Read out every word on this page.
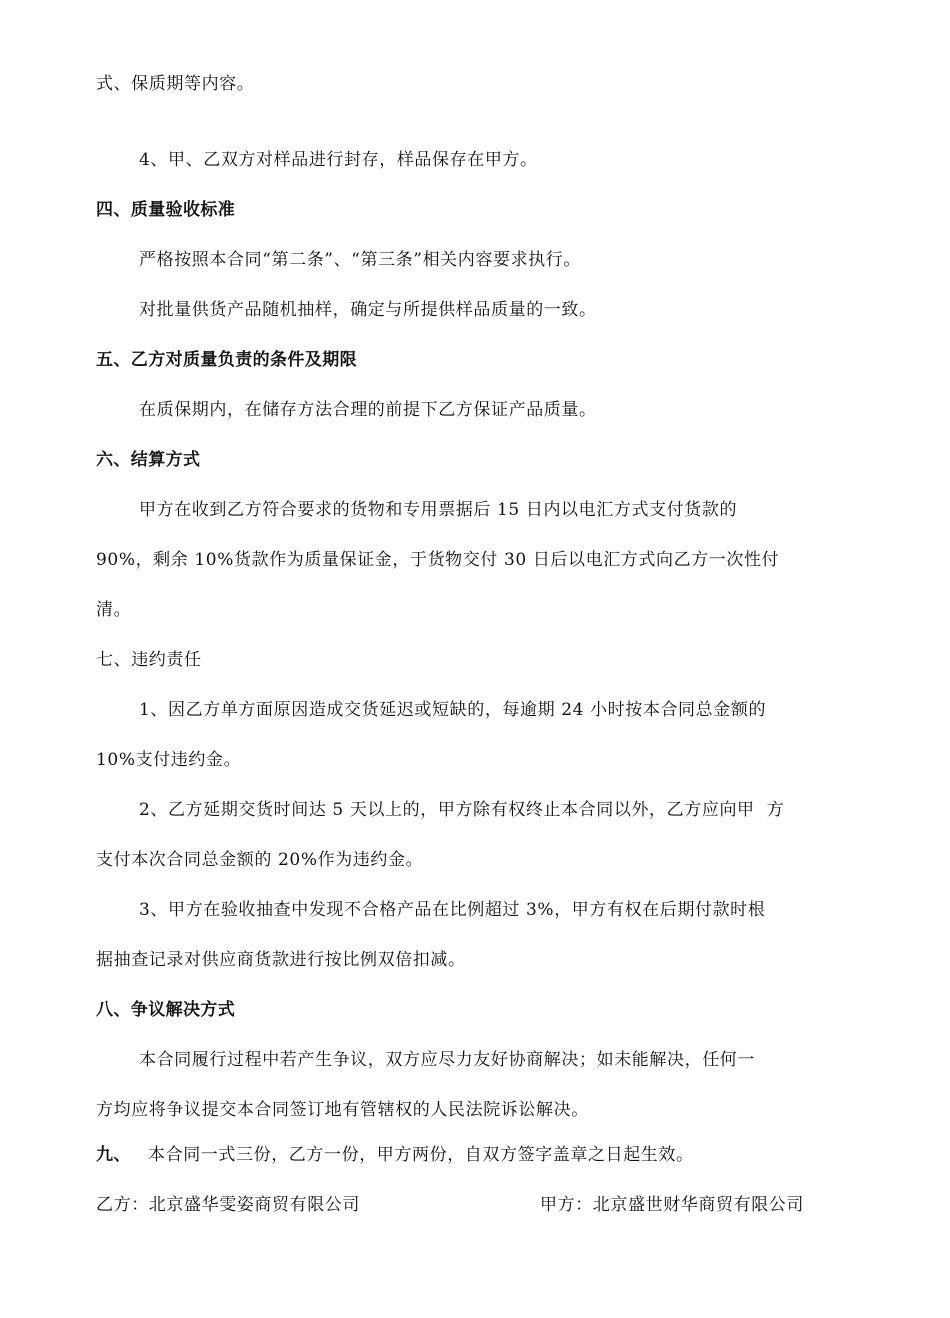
式、保质期等内容。
4、甲、乙双方对样品进行封存，样品保存在甲方。
四、质量验收标准
严格按照本合同“第二条”、“第三条”相关内容要求执行。
对批量供货产品随机抽样，确定与所提供样品质量的一致。
五、乙方对质量负责的条件及期限
在质保期内，在储存方法合理的前提下乙方保证产品质量。
六、结算方式
甲方在收到乙方符合要求的货物和专用票据后 15 日内以电汇方式支付货款的
90%，剩余 10%货款作为质量保证金，于货物交付 30 日后以电汇方式向乙方一次性付
清。
七、违约责任
1、因乙方单方面原因造成交货延迟或短缺的，每逾期 24 小时按本合同总金额的
10%支付违约金。
2、乙方延期交货时间达 5 天以上的，甲方除有权终止本合同以外，乙方应向甲  方
支付本次合同总金额的 20%作为违约金。
3、甲方在验收抽查中发现不合格产品在比例超过 3%，甲方有权在后期付款时根
据抽查记录对供应商货款进行按比例双倍扣减。
八、争议解决方式
本合同履行过程中若产生争议，双方应尽力友好协商解决；如未能解决，任何一
方均应将争议提交本合同签订地有管辖权的人民法院诉讼解决。
九、 本合同一式三份，乙方一份，甲方两份，自双方签字盖章之日起生效。
乙方：北京盛华雯姿商贸有限公司	甲方：北京盛世财华商贸有限公司
